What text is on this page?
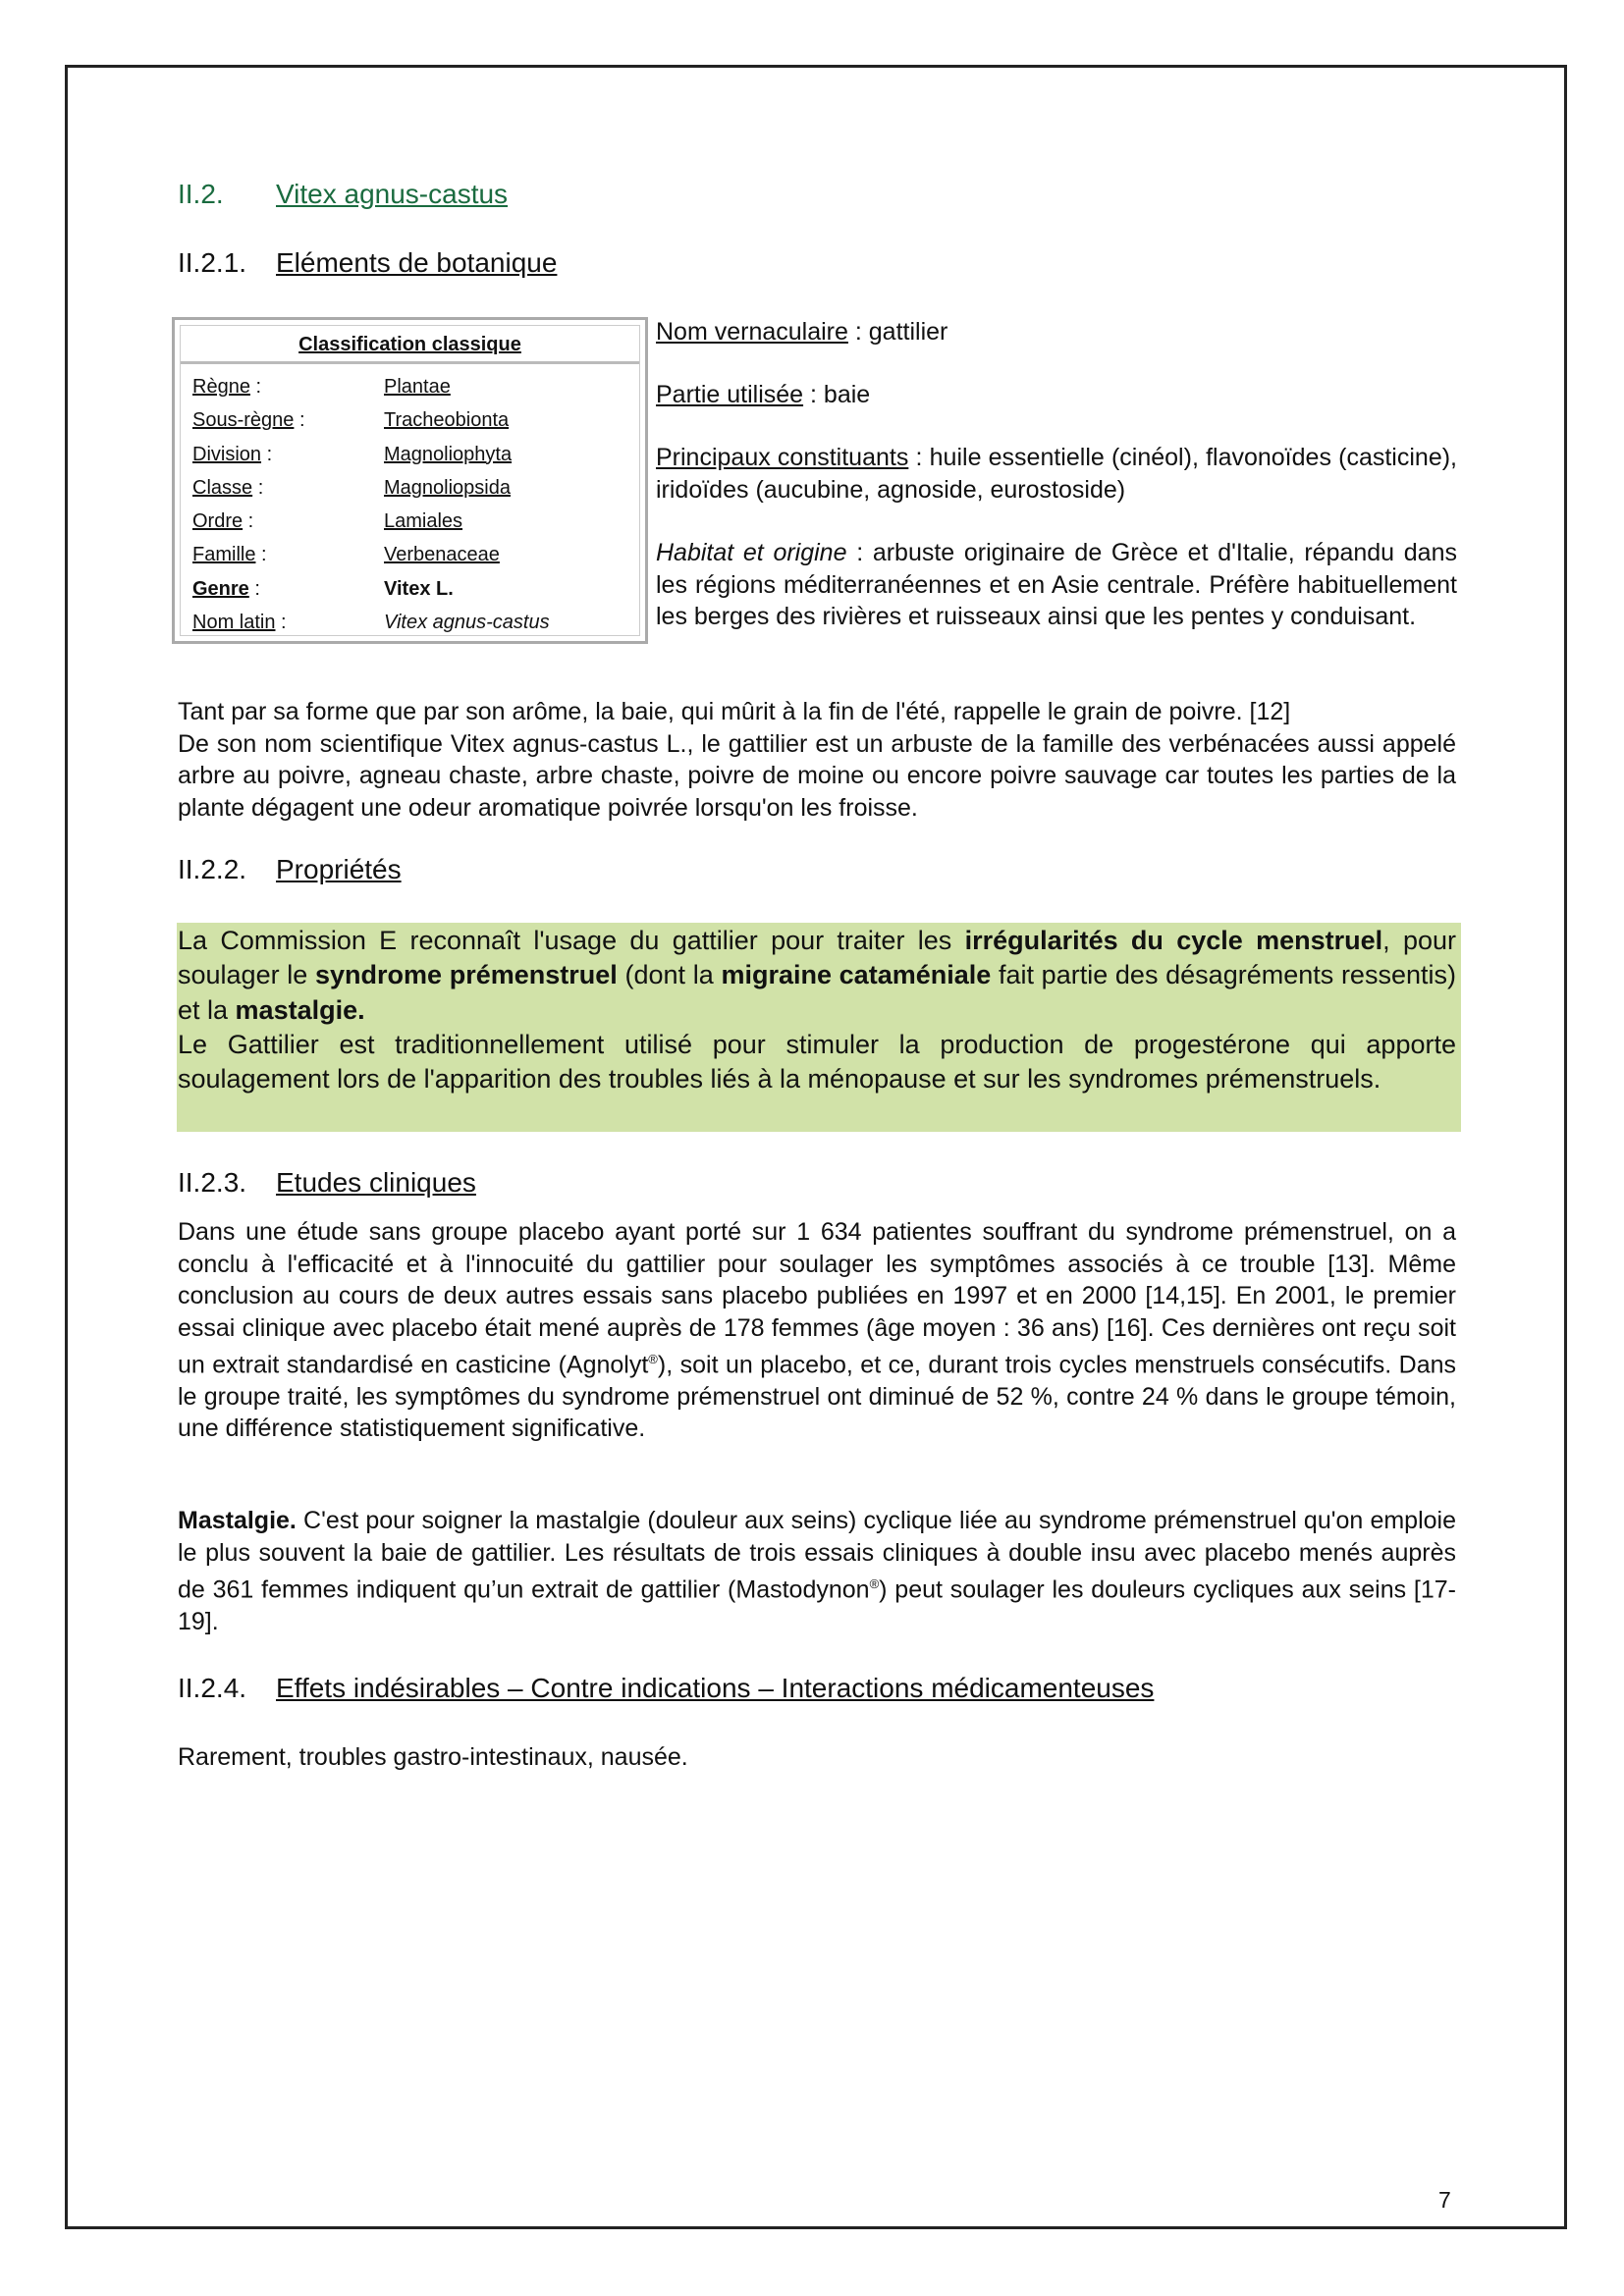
II.2. Vitex agnus-castus
II.2.1. Eléments de botanique
Classification classique
Règne :	Plantae
Sous-règne :	Tracheobionta
Division :	Magnoliophyta
Classe :	Magnoliopsida
Ordre :	Lamiales
Famille :	Verbenaceae
Genre :	Vitex L.
Nom latin :	Vitex agnus-castus
Nom vernaculaire : gattilier
Partie utilisée : baie
Principaux constituants : huile essentielle (cinéol), flavonoïdes (casticine), iridoïdes (aucubine, agnoside, eurostoside)
Habitat et origine : arbuste originaire de Grèce et d'Italie, répandu dans les régions méditerranéennes et en Asie centrale. Préfère habituellement les berges des rivières et ruisseaux ainsi que les pentes y conduisant.
Tant par sa forme que par son arôme, la baie, qui mûrit à la fin de l'été, rappelle le grain de poivre. [12]
De son nom scientifique Vitex agnus-castus L., le gattilier est un arbuste de la famille des verbénacées aussi appelé arbre au poivre, agneau chaste, arbre chaste, poivre de moine ou encore poivre sauvage car toutes les parties de la plante dégagent une odeur aromatique poivrée lorsqu'on les froisse.
II.2.2. Propriétés
La Commission E reconnaît l'usage du gattilier pour traiter les irrégularités du cycle menstruel, pour soulager le syndrome prémenstruel (dont la migraine cataméniale fait partie des désagréments ressentis) et la mastalgie.
Le Gattilier est traditionnellement utilisé pour stimuler la production de progestérone qui apporte soulagement lors de l'apparition des troubles liés à la ménopause et sur les syndromes prémenstruels.
II.2.3. Etudes cliniques
Dans une étude sans groupe placebo ayant porté sur 1 634 patientes souffrant du syndrome prémenstruel, on a conclu à l'efficacité et à l'innocuité du gattilier pour soulager les symptômes associés à ce trouble [13]. Même conclusion au cours de deux autres essais sans placebo publiées en 1997 et en 2000 [14,15]. En 2001, le premier essai clinique avec placebo était mené auprès de 178 femmes (âge moyen : 36 ans) [16]. Ces dernières ont reçu soit un extrait standardisé en casticine (Agnolyt®), soit un placebo, et ce, durant trois cycles menstruels consécutifs. Dans le groupe traité, les symptômes du syndrome prémenstruel ont diminué de 52 %, contre 24 % dans le groupe témoin, une différence statistiquement significative.
Mastalgie. C'est pour soigner la mastalgie (douleur aux seins) cyclique liée au syndrome prémenstruel qu'on emploie le plus souvent la baie de gattilier. Les résultats de trois essais cliniques à double insu avec placebo menés auprès de 361 femmes indiquent qu’un extrait de gattilier (Mastodynon®) peut soulager les douleurs cycliques aux seins [17-19].
II.2.4. Effets indésirables – Contre indications – Interactions médicamenteuses
Rarement, troubles gastro-intestinaux, nausée.
7
